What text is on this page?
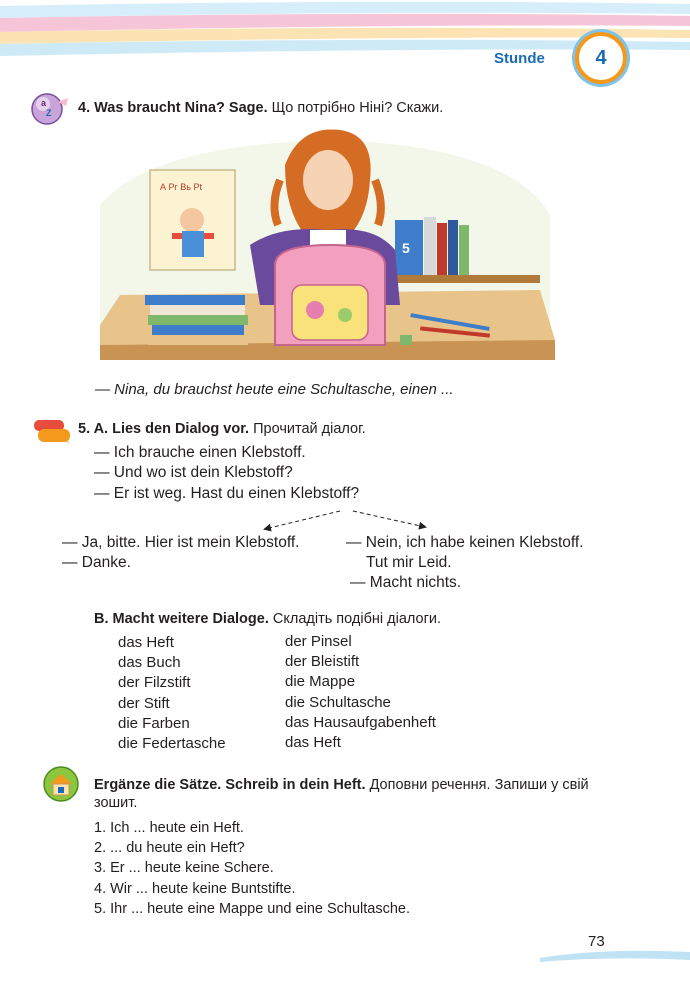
Stunde	4
a
Z 4. Was braucht Nina? Sage. Що потрібно Ніні? Скажи.
А Рг Вь Рt
5
— Nina, du brauchst heute eine Schultasche, einen ...
5. A. Lies den Dialog vor. Прочитай діалог.
— Ich brauche einen Klebstoff.
— Und wo ist dein Klebstoff?
— Er ist weg. Hast du einen Klebstoff?
— Ja, bitte. Hier ist mein Klebstoff.
— Danke.
— Nein, ich habe keinen Klebstoff.
Tut mir Leid.
— Macht nichts.
B. Macht weitere Dialoge. Складіть подібні діалоги.
das Heft
das Buch
der Filzstift
der Stift
die Farben
die Federtasche
der Pinsel
der Bleistift
die Mappe
die Schultasche
das Hausaufgabenheft
das Heft
Ergänze die Sätze. Schreib in dein Heft. Доповни речення. Запиши у свій
зошит.
1. Ich ... heute ein Heft.
2. ... du heute ein Heft?
3. Er ... heute keine Schere.
4. Wir ... heute keine Buntstifte.
5. Ihr ... heute eine Mappe und eine Schultasche.
73
